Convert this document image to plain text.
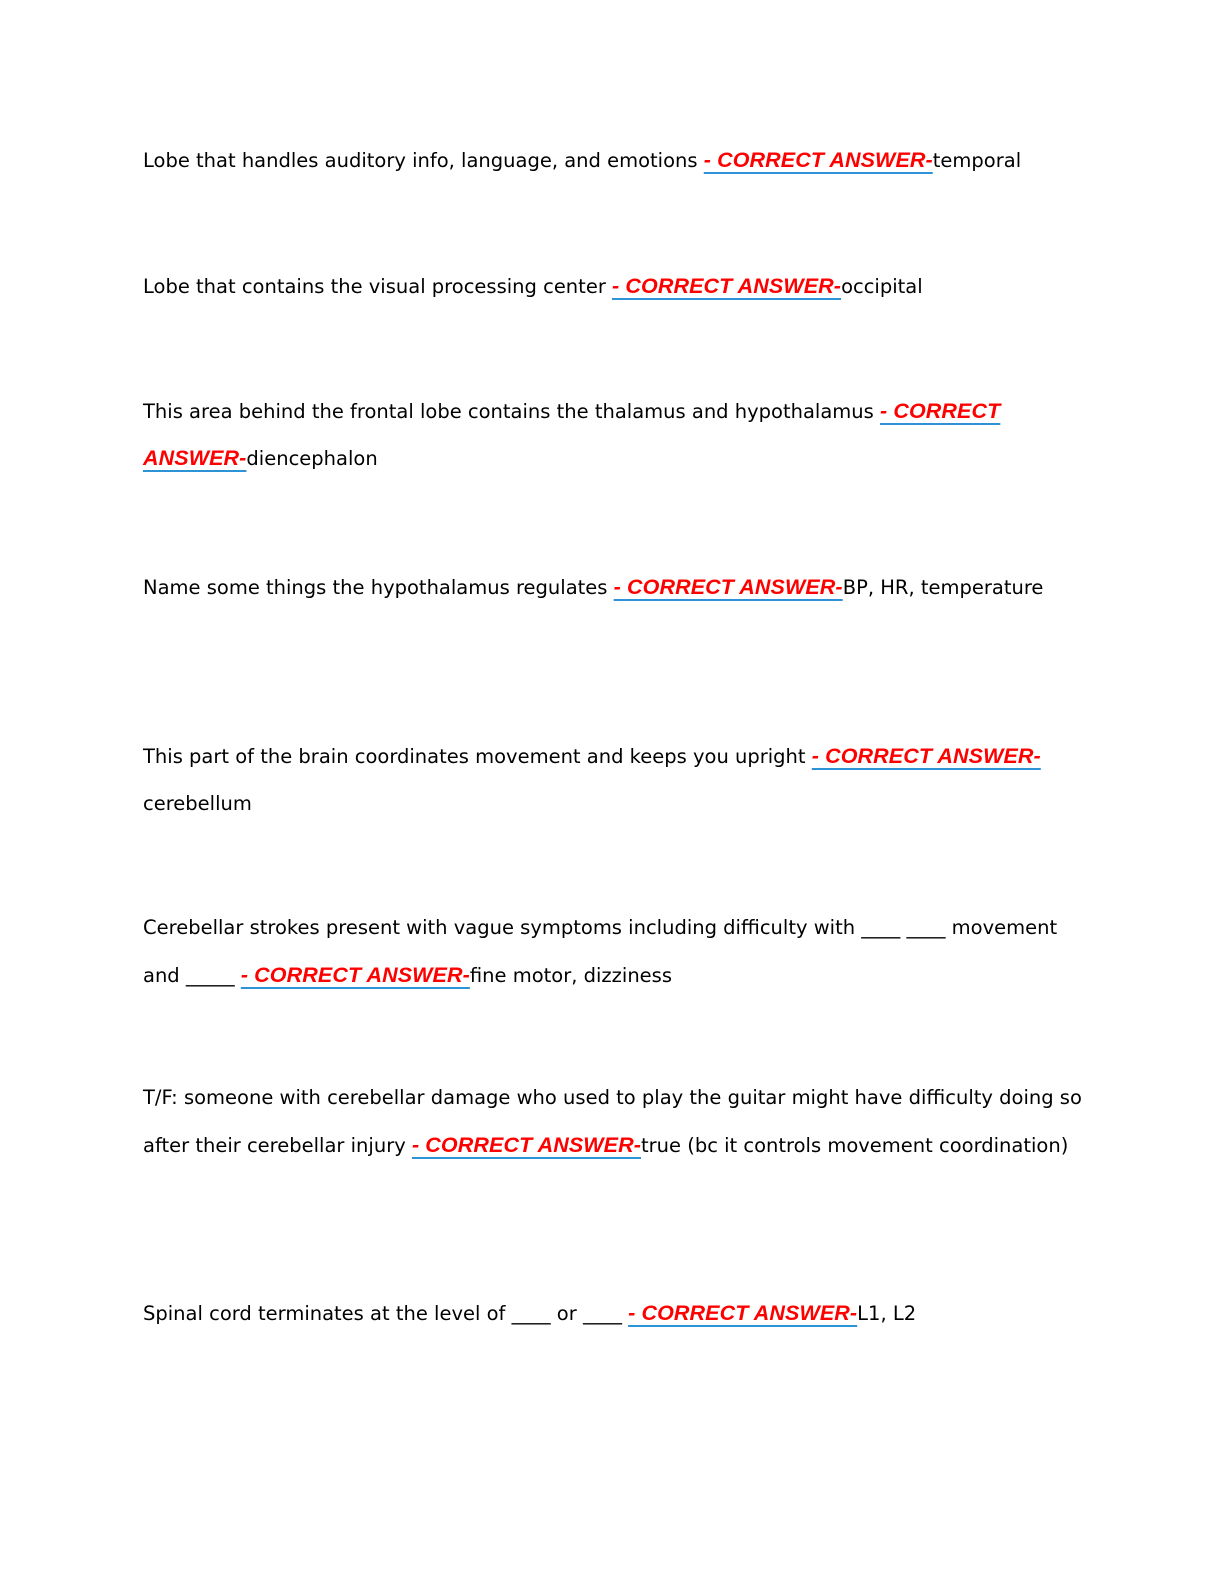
Lobe that handles auditory info, language, and emotions - CORRECT ANSWER-temporal

Lobe that contains the visual processing center - CORRECT ANSWER-occipital

This area behind the frontal lobe contains the thalamus and hypothalamus - CORRECT ANSWER-diencephalon

Name some things the hypothalamus regulates - CORRECT ANSWER-BP, HR, temperature

This part of the brain coordinates movement and keeps you upright - CORRECT ANSWER-cerebellum

Cerebellar strokes present with vague symptoms including difficulty with ____ ____ movement and _____ - CORRECT ANSWER-fine motor, dizziness

T/F: someone with cerebellar damage who used to play the guitar might have difficulty doing so after their cerebellar injury - CORRECT ANSWER-true (bc it controls movement coordination)

Spinal cord terminates at the level of ____ or ____ - CORRECT ANSWER-L1, L2
